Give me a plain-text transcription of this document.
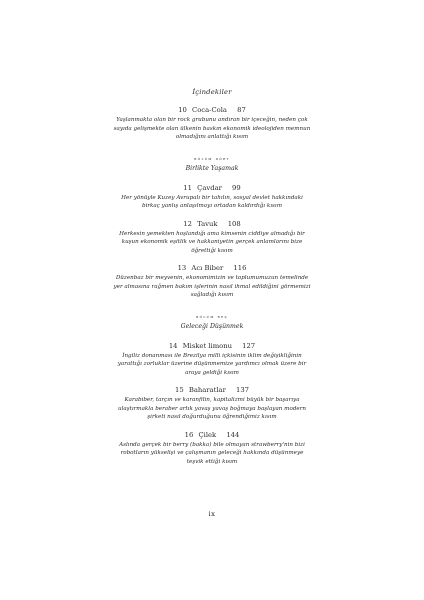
İçindekiler
10 Coca-Cola 87

Yaşlanmakta olan bir rock grubunu andıran bir içeceğin, neden çok sayıda gelişmekte olan ülkenin baskın ekonomik ideolojiden memnun olmadığını anlattığı kısım

bölüm dört
Birlikte Yaşamak
11 Çavdar 99

Her yönüyle Kuzey Avrupalı bir tahılın, sosyal devlet hakkındaki birkaç yanlış anlaşılmayı ortadan kaldırdığı kısım

12 Tavuk 108

Herkesin yemekten hoşlandığı ama kimsenin ciddiye almadığı bir kuşun ekonomik eşitlik ve hakkaniyetin gerçek anlamlarını bize öğrettiği kısım

13 Acı Biber 116

Düzenbaz bir meyvenin, ekonomimizin ve toplumumuzun temelinde yer almasına rağmen bakım işlerinin nasıl ihmal edildiğini görmemizi sağladığı kısım

bölüm beş
Geleceği Düşünmek
14 Misket limonu 127

İngiliz donanması ile Brezilya milli içkisinin iklim değişikliğinin yarattığı zorluklar üzerine düşünmemize yardımcı olmak üzere bir araya geldiği kısım

15 Baharatlar 137

Karabiber, tarçın ve karanfilin, kapitalizmi büyük bir başarıya ulaştırmakla beraber artık yavaş yavaş boğmaya başlayan modern şirketi nasıl doğurduğunu öğrendiğimiz kısım

16 Çilek 144

Aslında gerçek bir berry (bakka) bile olmayan strawberry'nin bizi robotların yükselişi ve çalışmanın geleceği hakkında düşünmeye teşvik ettiği kısım

ix
